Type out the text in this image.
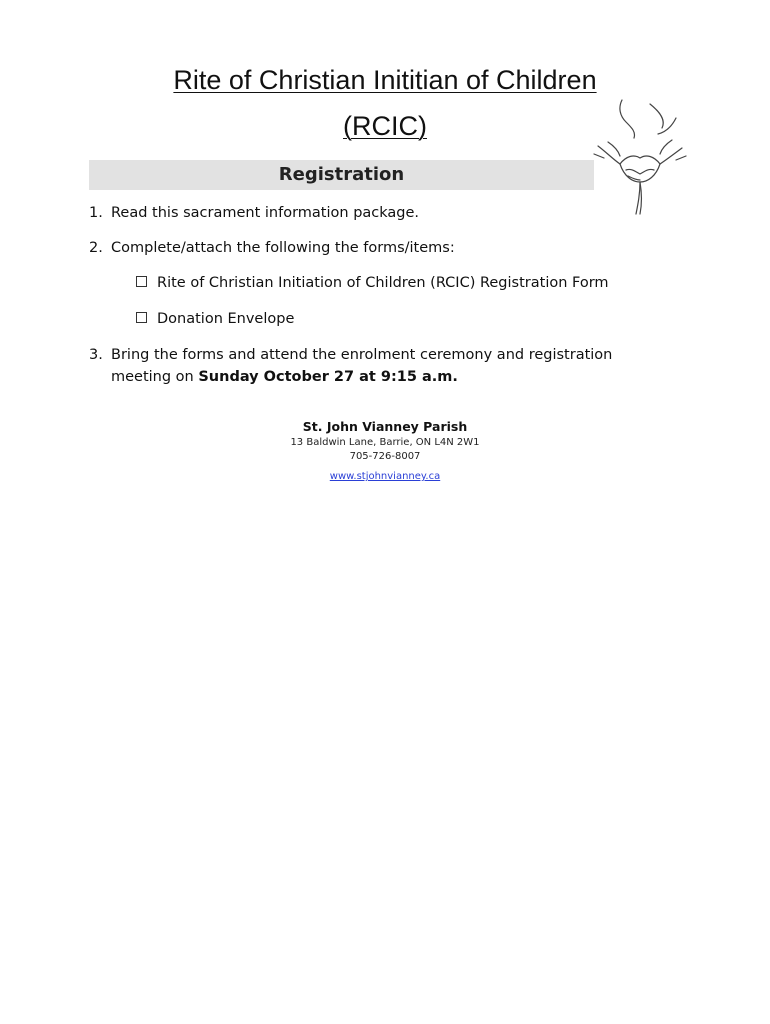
Rite of Christian Inititian of Children
(RCIC)
Registration
1. Read this sacrament information package.
2. Complete/attach the following the forms/items:
Rite of Christian Initiation of Children (RCIC) Registration Form
Donation Envelope
3. Bring the forms and attend the enrolment ceremony and registration
meeting on Sunday October 27 at 9:15 a.m.
St. John Vianney Parish
13 Baldwin Lane, Barrie, ON L4N 2W1
705-726-8007
www.stjohnvianney.ca
